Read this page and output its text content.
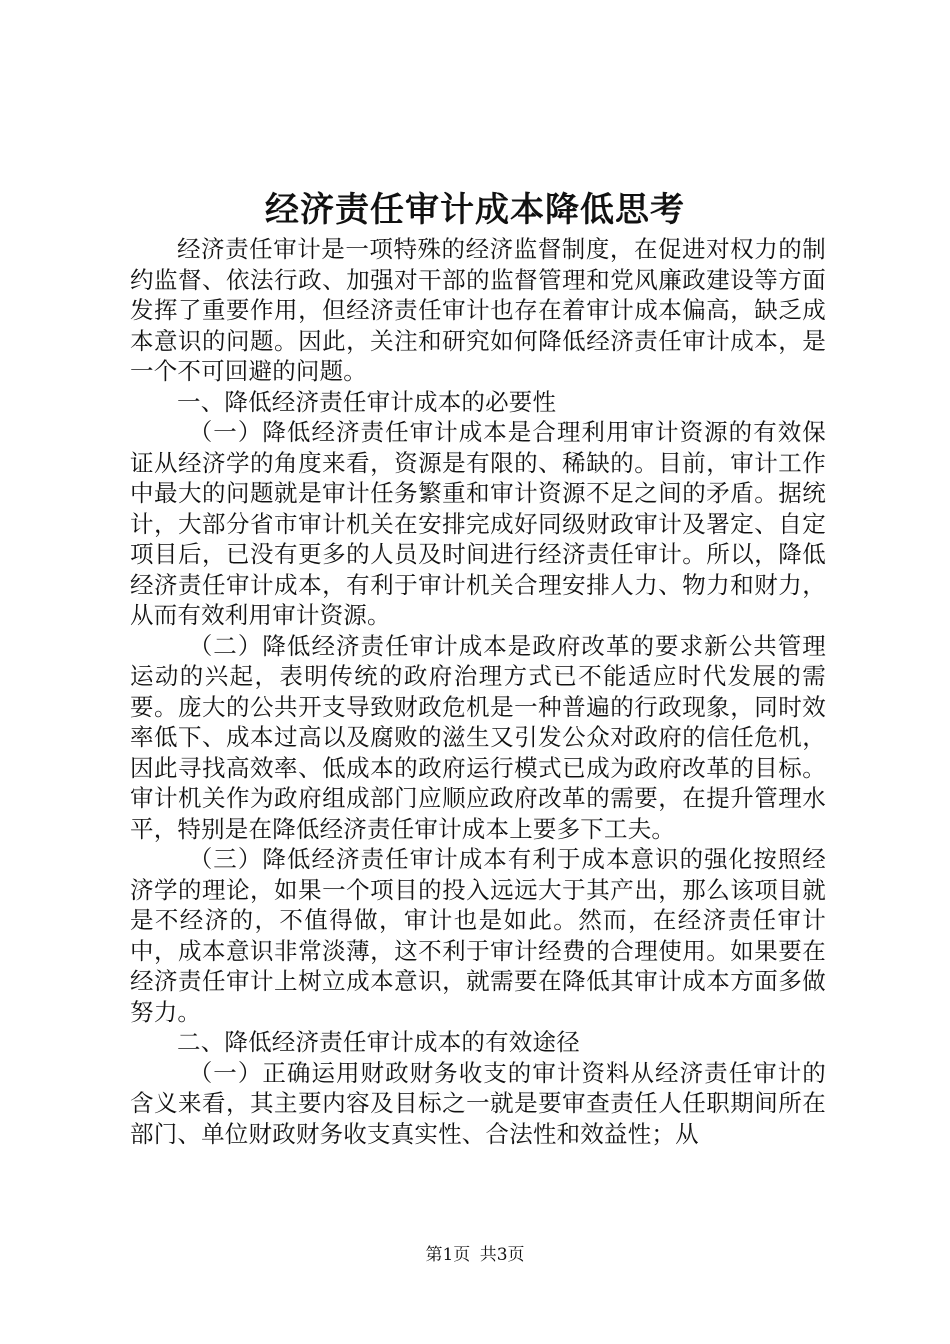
经济责任审计成本降低思考

经济责任审计是一项特殊的经济监督制度，在促进对权力的制约监督、依法行政、加强对干部的监督管理和党风廉政建设等方面发挥了重要作用，但经济责任审计也存在着审计成本偏高，缺乏成本意识的问题。因此，关注和研究如何降低经济责任审计成本，是一个不可回避的问题。

一、降低经济责任审计成本的必要性

（一）降低经济责任审计成本是合理利用审计资源的有效保证从经济学的角度来看，资源是有限的、稀缺的。目前，审计工作中最大的问题就是审计任务繁重和审计资源不足之间的矛盾。据统计，大部分省市审计机关在安排完成好同级财政审计及署定、自定项目后，已没有更多的人员及时间进行经济责任审计。所以，降低经济责任审计成本，有利于审计机关合理安排人力、物力和财力，从而有效利用审计资源。

（二）降低经济责任审计成本是政府改革的要求新公共管理运动的兴起，表明传统的政府治理方式已不能适应时代发展的需要。庞大的公共开支导致财政危机是一种普遍的行政现象，同时效率低下、成本过高以及腐败的滋生又引发公众对政府的信任危机，因此寻找高效率、低成本的政府运行模式已成为政府改革的目标。审计机关作为政府组成部门应顺应政府改革的需要，在提升管理水平，特别是在降低经济责任审计成本上要多下工夫。

（三）降低经济责任审计成本有利于成本意识的强化按照经济学的理论，如果一个项目的投入远远大于其产出，那么该项目就是不经济的，不值得做，审计也是如此。然而，在经济责任审计中，成本意识非常淡薄，这不利于审计经费的合理使用。如果要在经济责任审计上树立成本意识，就需要在降低其审计成本方面多做努力。

二、降低经济责任审计成本的有效途径

（一）正确运用财政财务收支的审计资料从经济责任审计的含义来看，其主要内容及目标之一就是要审查责任人任职期间所在部门、单位财政财务收支真实性、合法性和效益性；从

第1页 共3页
